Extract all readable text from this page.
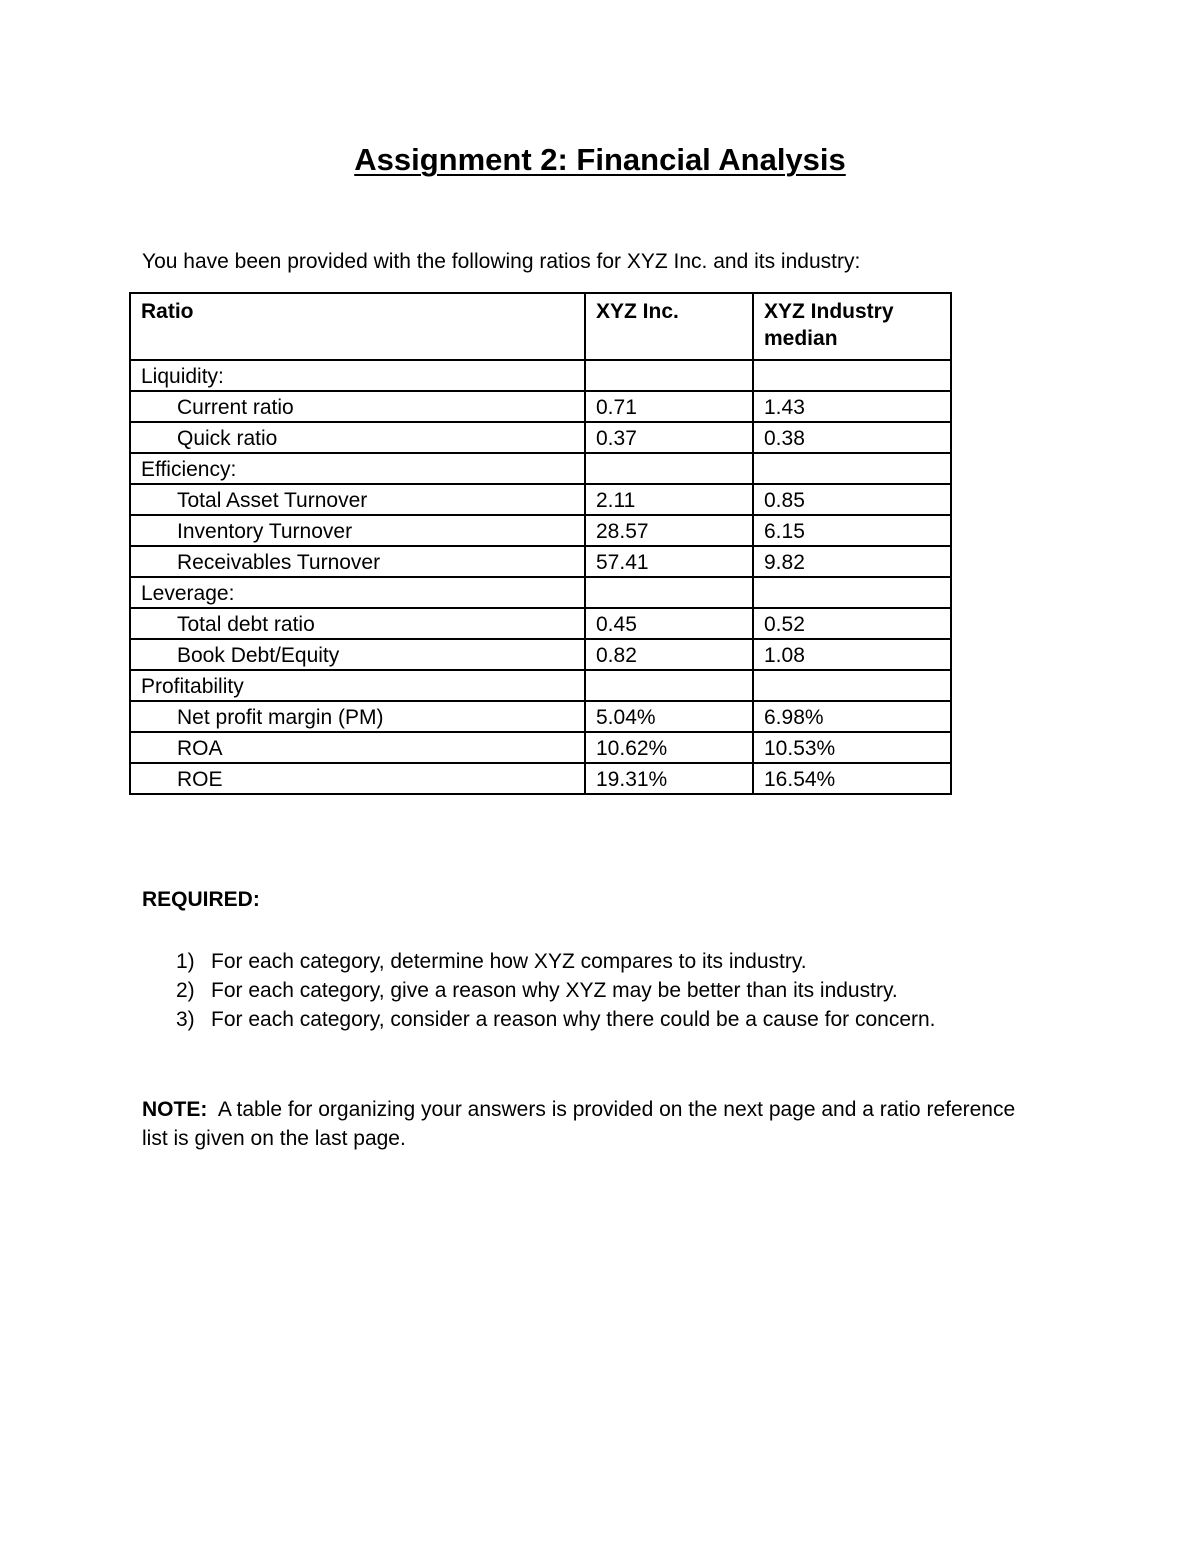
Assignment 2: Financial Analysis

You have been provided with the following ratios for XYZ Inc. and its industry:

Ratio	XYZ Inc.	XYZ Industry median
Liquidity:		
Current ratio	0.71	1.43
Quick ratio	0.37	0.38
Efficiency:		
Total Asset Turnover	2.11	0.85
Inventory Turnover	28.57	6.15
Receivables Turnover	57.41	9.82
Leverage:		
Total debt ratio	0.45	0.52
Book Debt/Equity	0.82	1.08
Profitability		
Net profit margin (PM)	5.04%	6.98%
ROA	10.62%	10.53%
ROE	19.31%	16.54%

REQUIRED:

1) For each category, determine how XYZ compares to its industry.
2) For each category, give a reason why XYZ may be better than its industry.
3) For each category, consider a reason why there could be a cause for concern.

NOTE: A table for organizing your answers is provided on the next page and a ratio reference list is given on the last page.
